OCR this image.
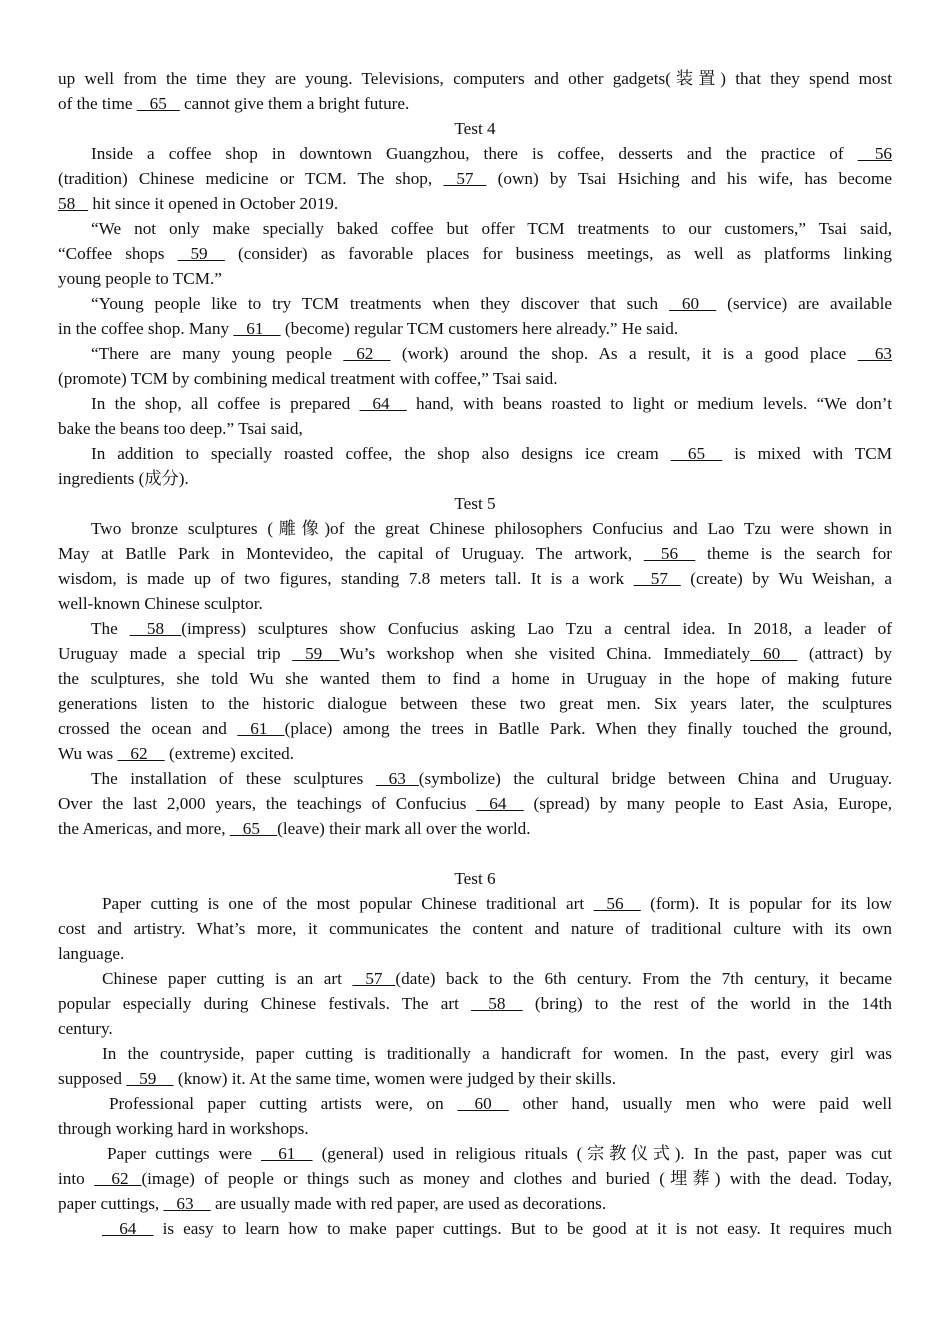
up well from the time they are young. Televisions, computers and other gadgets(装置) that they spend most
of the time    65    cannot give them a bright future.
Test 4
Inside a coffee shop in downtown Guangzhou, there is coffee, desserts and the practice of     56
(tradition) Chinese medicine or TCM. The shop,    57    (own) by Tsai Hsiching and his wife, has become
58    hit since it opened in October 2019.
“We not only make specially baked coffee but offer TCM treatments to our customers,” Tsai said,
“Coffee shops    59     (consider) as favorable places for business meetings, as well as platforms linking
young people to TCM.”
“Young people like to try TCM treatments when they discover that such    60     (service) are available
in the coffee shop. Many    61     (become) regular TCM customers here already.” He said.
“There are many young people    62     (work) around the shop. As a result, it is a good place     63
(promote) TCM by combining medical treatment with coffee,” Tsai said.
In the shop, all coffee is prepared    64     hand, with beans roasted to light or medium levels. “We don’t
bake the beans too deep.” Tsai said,
In addition to specially roasted coffee, the shop also designs ice cream     65     is mixed with TCM
ingredients (成分).
Test 5
Two bronze sculptures (雕像)of the great Chinese philosophers Confucius and Lao Tzu were shown in
May at Batlle Park in Montevideo, the capital of Uruguay. The artwork,     56     theme is the search for
wisdom, is made up of two figures, standing 7.8 meters tall. It is a work     57    (create) by Wu Weishan, a
well-known Chinese sculptor.
The     58    (impress) sculptures show Confucius asking Lao Tzu a central idea. In 2018, a leader of
Uruguay made a special trip    59    Wu’s workshop when she visited China. Immediately   60     (attract) by
the sculptures, she told Wu she wanted them to find a home in Uruguay in the hope of making future
generations listen to the historic dialogue between these two great men. Six years later, the sculptures
crossed the ocean and    61    (place) among the trees in Batlle Park. When they finally touched the ground,
Wu was    62     (extreme) excited.
The installation of these sculptures    63   (symbolize) the cultural bridge between China and Uruguay.
Over the last 2,000 years, the teachings of Confucius    64     (spread) by many people to East Asia, Europe,
the Americas, and more,    65    (leave) their mark all over the world.
Test 6
Paper cutting is one of the most popular Chinese traditional art    56     (form). It is popular for its low
cost and artistry. What’s more, it communicates the content and nature of traditional culture with its own
language.
Chinese paper cutting is an art    57   (date) back to the 6th century. From the 7th century, it became
popular especially during Chinese festivals. The art     58     (bring) to the rest of the world in the 14th
century.
In the countryside, paper cutting is traditionally a handicraft for women. In the past, every girl was
supposed    59     (know) it. At the same time, women were judged by their skills.
Professional paper cutting artists were, on     60     other hand, usually men who were paid well
through working hard in workshops.
Paper cuttings were     61     (general) used in religious rituals (宗教仪式). In the past, paper was cut
into     62   (image) of people or things such as money and clothes and buried (埋葬) with the dead. Today,
paper cuttings,    63     are usually made with red paper, are used as decorations.
64     is easy to learn how to make paper cuttings. But to be good at it is not easy. It requires much
